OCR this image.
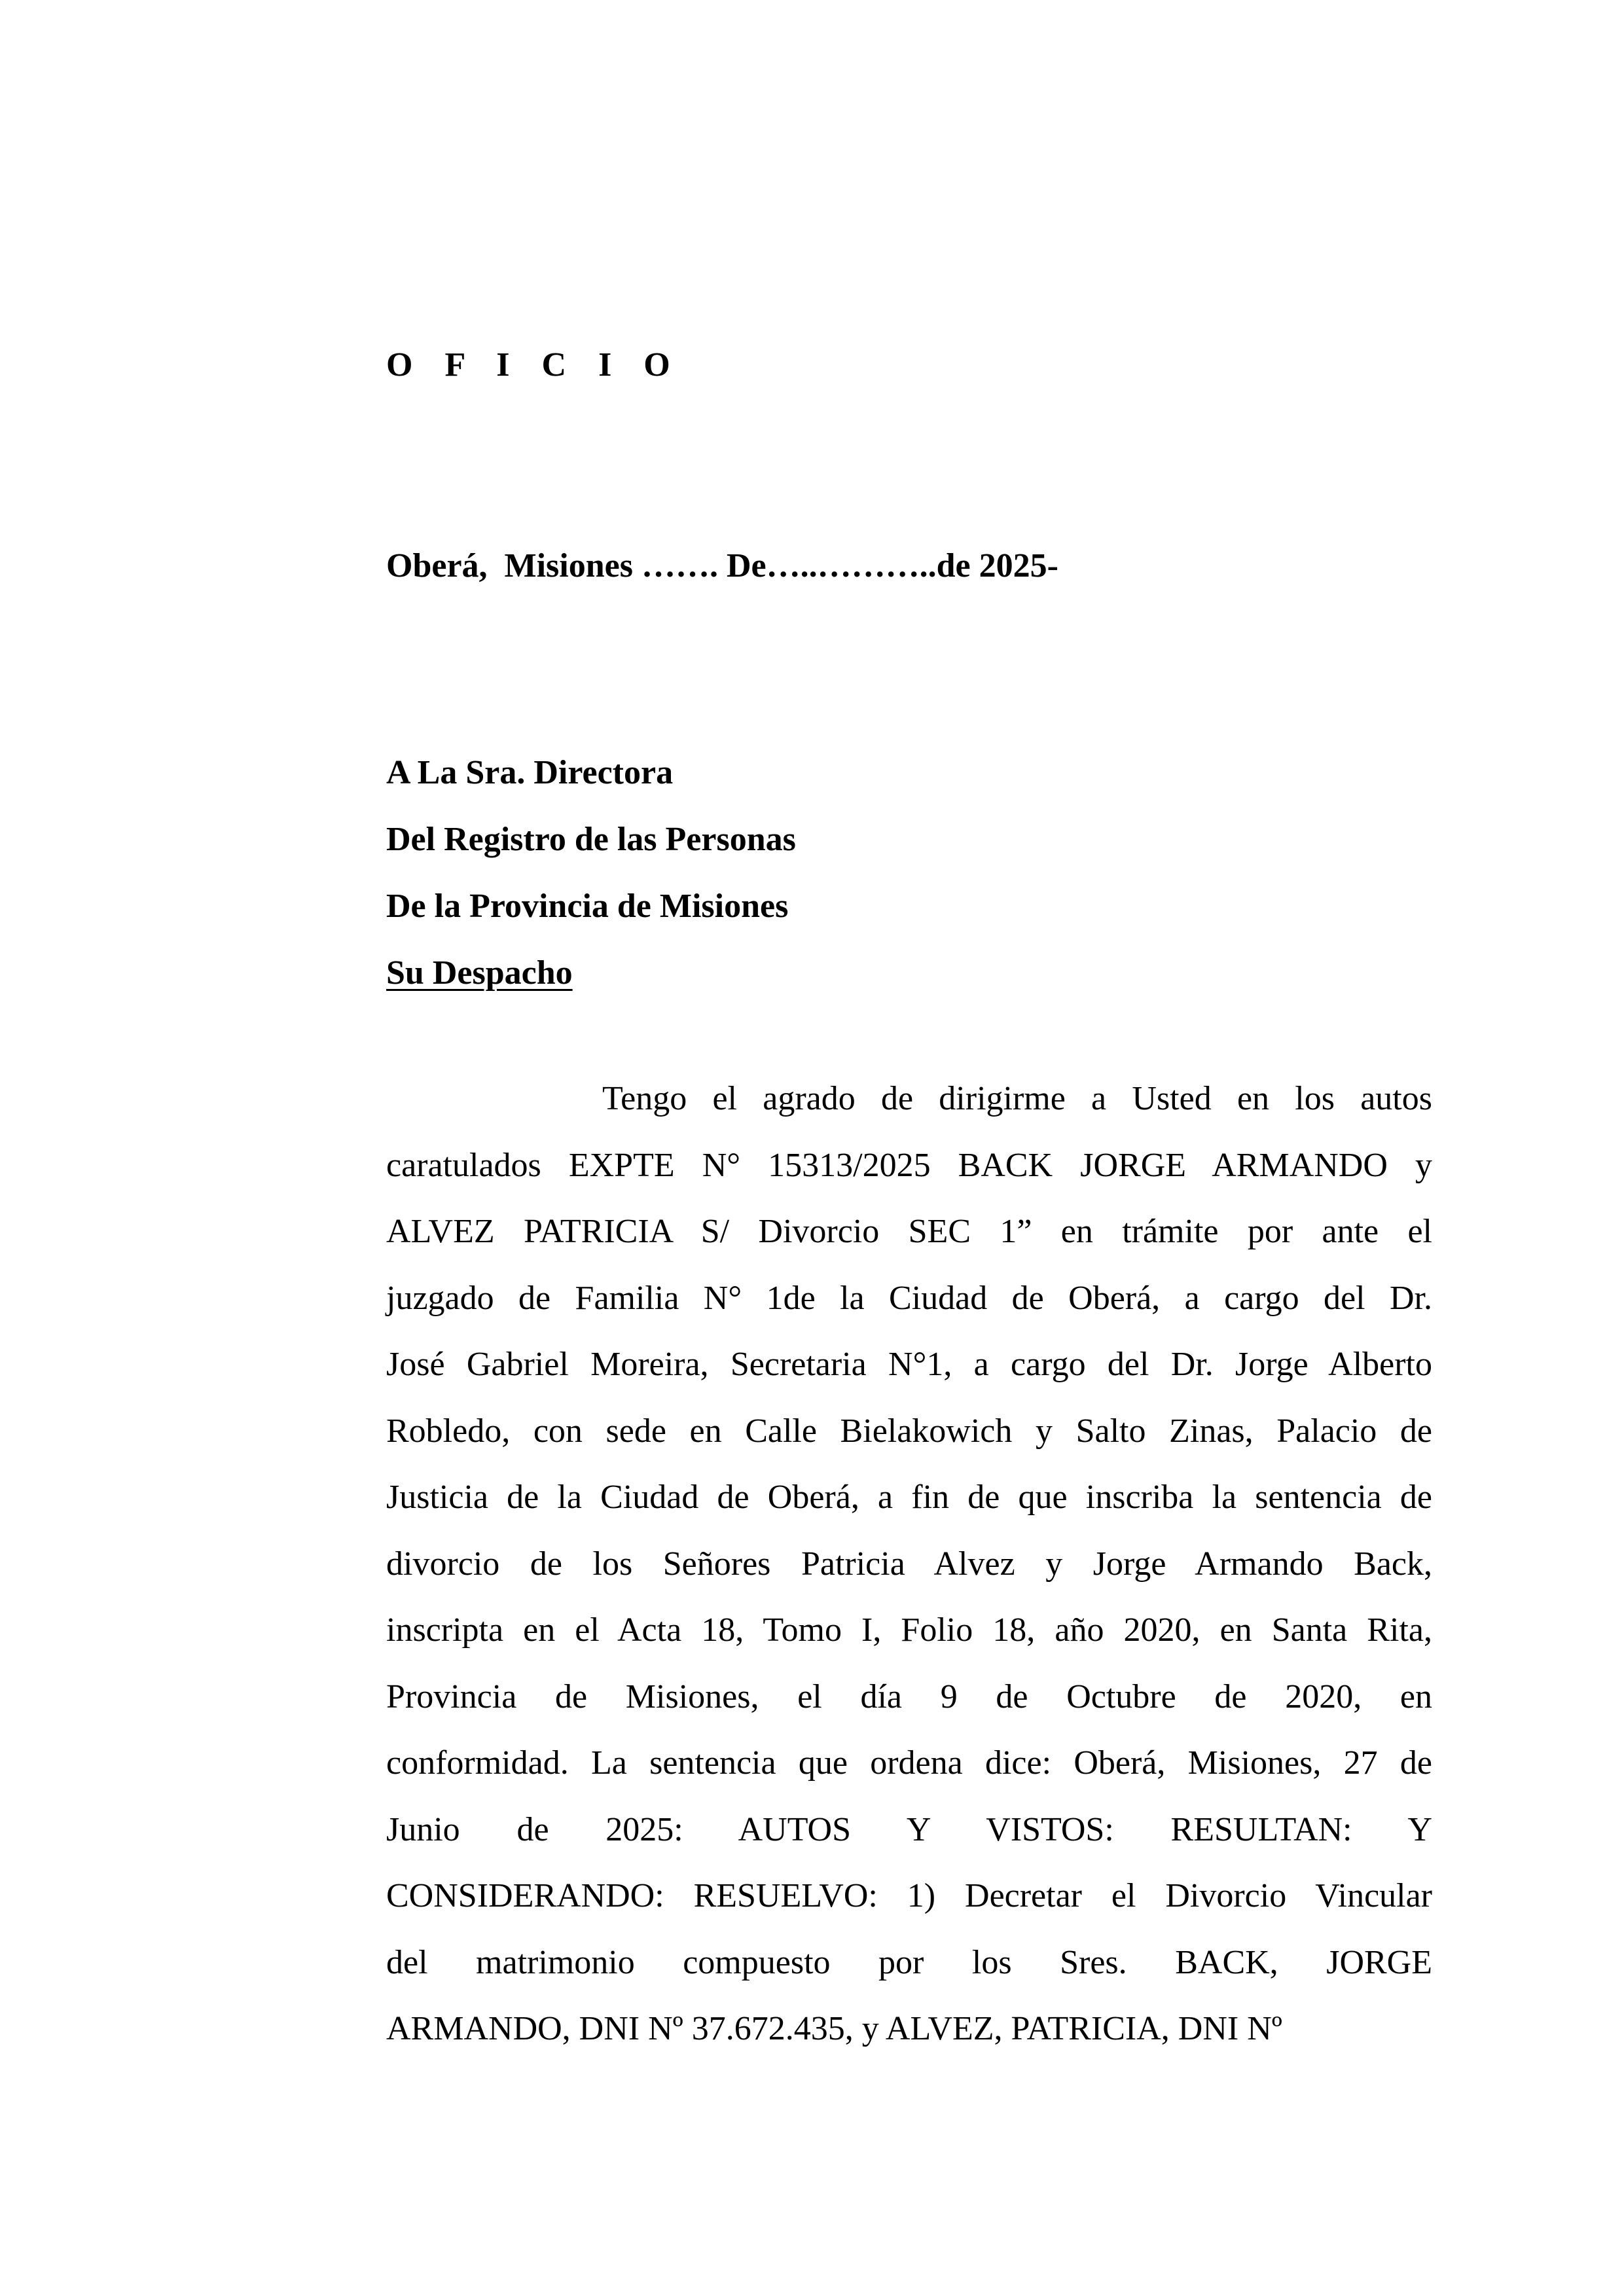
O F I C I O

Oberá,  Misiones ……. De…..………..de 2025-

A La Sra. Directora
Del Registro de las Personas
De la Provincia de Misiones
Su Despacho
Tengo el agrado de dirigirme a Usted en los autos
caratulados EXPTE N° 15313/2025 BACK JORGE ARMANDO y
ALVEZ PATRICIA S/ Divorcio SEC 1” en trámite por ante el
juzgado de Familia N° 1de la Ciudad de Oberá, a cargo del Dr.
José Gabriel Moreira, Secretaria N°1, a cargo del Dr. Jorge Alberto
Robledo, con sede en Calle Bielakowich y Salto Zinas, Palacio de
Justicia de la Ciudad de Oberá, a fin de que inscriba la sentencia de
divorcio de los Señores Patricia Alvez y Jorge Armando Back,
inscripta en el Acta 18, Tomo I, Folio 18, año 2020, en Santa Rita,
Provincia de Misiones, el día 9 de Octubre de 2020, en
conformidad. La sentencia que ordena dice: Oberá, Misiones, 27 de
Junio de 2025: AUTOS Y VISTOS: RESULTAN: Y
CONSIDERANDO: RESUELVO: 1) Decretar el Divorcio Vincular
del matrimonio compuesto por los Sres. BACK, JORGE
ARMANDO, DNI Nº 37.672.435, y ALVEZ, PATRICIA, DNI Nº
